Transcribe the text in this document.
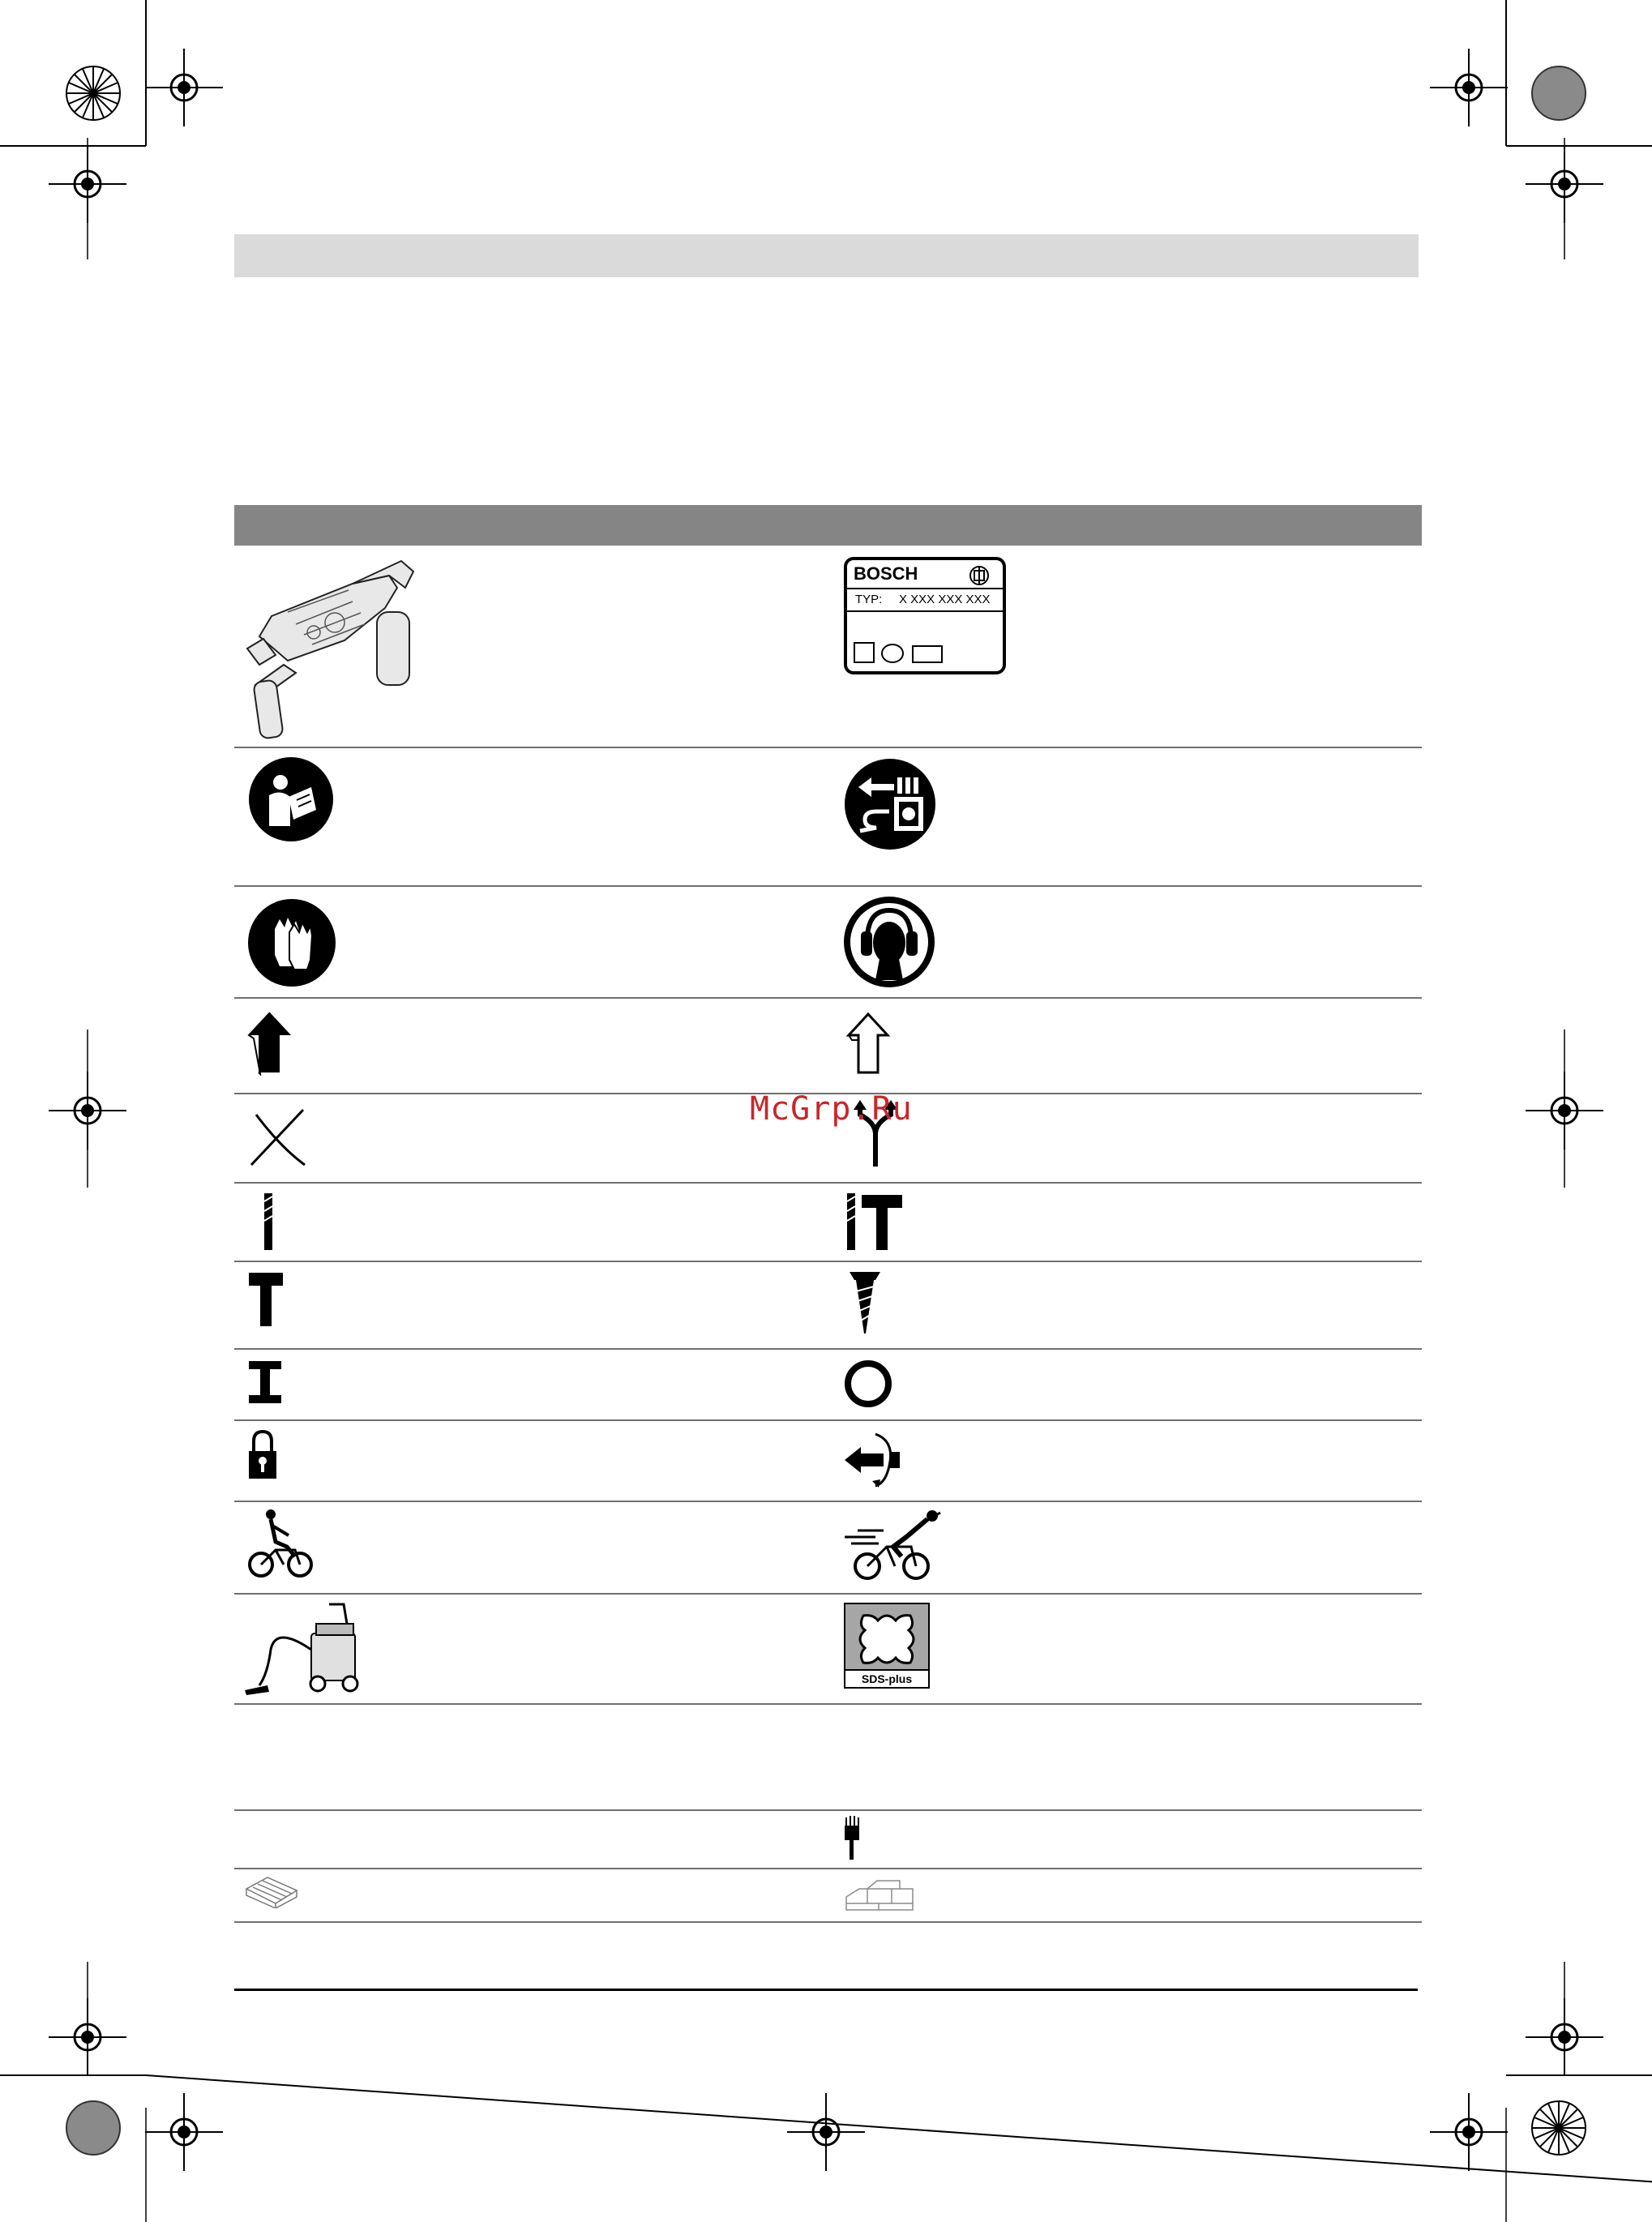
BOSCH
TYP: X XXX XXX XXX
McGrp.Ru
SDS-plus
